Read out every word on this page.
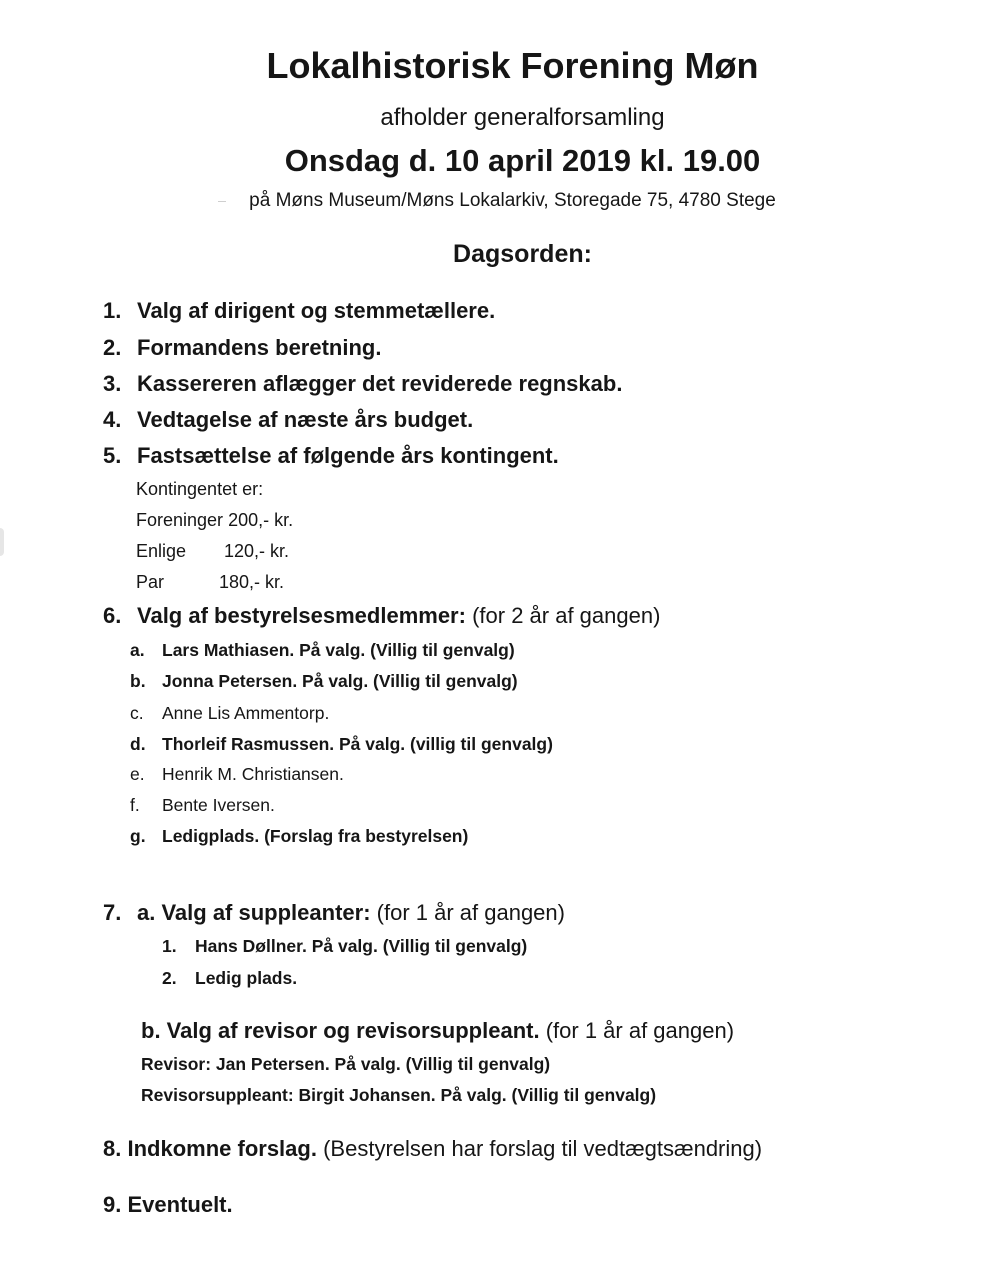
Lokalhistorisk Forening Møn
afholder generalforsamling
Onsdag d. 10 april 2019 kl. 19.00
på Møns Museum/Møns Lokalarkiv, Storegade 75, 4780 Stege
Dagsorden:
1. Valg af dirigent og stemmetællere.
2. Formandens beretning.
3. Kassereren aflægger det reviderede regnskab.
4. Vedtagelse af næste års budget.
5. Fastsættelse af følgende års kontingent.
Kontingentet er:
Foreninger 200,- kr.
Enlige 120,- kr.
Par	180,- kr.
6. Valg af bestyrelsesmedlemmer: (for 2 år af gangen)
a. Lars Mathiasen. På valg. (Villig til genvalg)
b. Jonna Petersen. På valg. (Villig til genvalg)
c. Anne Lis Ammentorp.
d. Thorleif Rasmussen. På valg. (villig til genvalg)
e. Henrik M. Christiansen.
f. Bente Iversen.
g. Ledigplads. (Forslag fra bestyrelsen)
7. a. Valg af suppleanter: (for 1 år af gangen)
1. Hans Døllner. På valg. (Villig til genvalg)
2. Ledig plads.
b. Valg af revisor og revisorsuppleant. (for 1 år af gangen)
Revisor: Jan Petersen. På valg. (Villig til genvalg)
Revisorsuppleant: Birgit Johansen. På valg. (Villig til genvalg)
8. Indkomne forslag. (Bestyrelsen har forslag til vedtægtsændring)
9. Eventuelt.
